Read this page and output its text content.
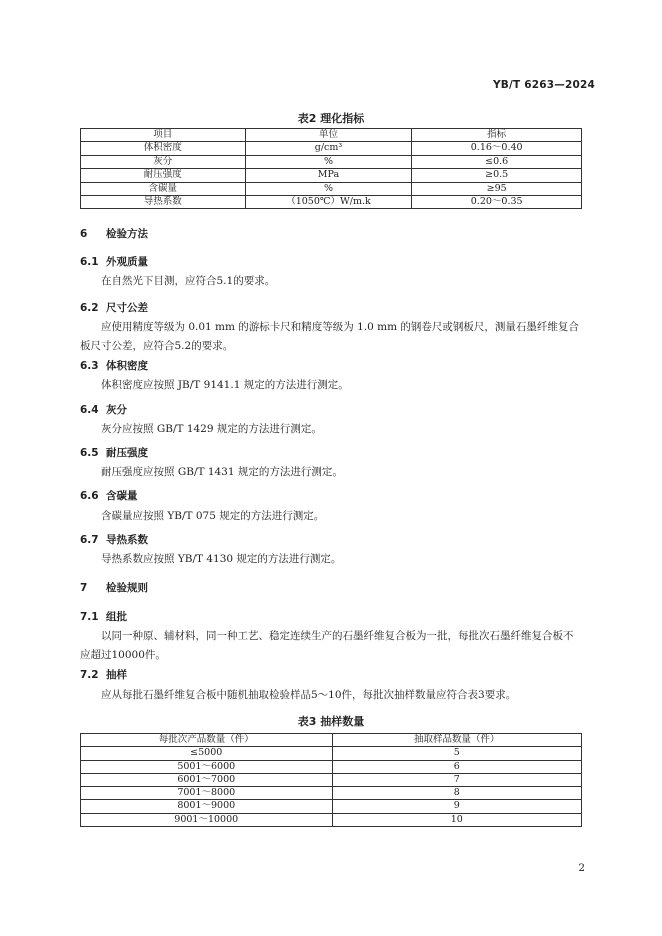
YB/T 6263—2024
表2 理化指标
项目	单位	指标
体积密度	g/cm³	0.16～0.40
灰分	%	≤0.6
耐压强度	MPa	≥0.5
含碳量	%	≥95
导热系数	（1050℃）W/m.k	0.20～0.35
6 检验方法
6.1 外观质量
在自然光下目测，应符合5.1的要求。
6.2 尺寸公差
应使用精度等级为 0.01 mm 的游标卡尺和精度等级为 1.0 mm 的钢卷尺或钢板尺，测量石墨纤维复合板尺寸公差，应符合5.2的要求。
6.3 体积密度
体积密度应按照 JB/T 9141.1 规定的方法进行测定。
6.4 灰分
灰分应按照 GB/T 1429 规定的方法进行测定。
6.5 耐压强度
耐压强度应按照 GB/T 1431 规定的方法进行测定。
6.6 含碳量
含碳量应按照 YB/T 075 规定的方法进行测定。
6.7 导热系数
导热系数应按照 YB/T 4130 规定的方法进行测定。
7 检验规则
7.1 组批
以同一种原、辅材料，同一种工艺、稳定连续生产的石墨纤维复合板为一批，每批次石墨纤维复合板不应超过10000件。
7.2 抽样
应从每批石墨纤维复合板中随机抽取检验样品5～10件，每批次抽样数量应符合表3要求。
表3 抽样数量
每批次产品数量（件）	抽取样品数量（件）
≤5000	5
5001～6000	6
6001～7000	7
7001～8000	8
8001～9000	9
9001～10000	10
2
